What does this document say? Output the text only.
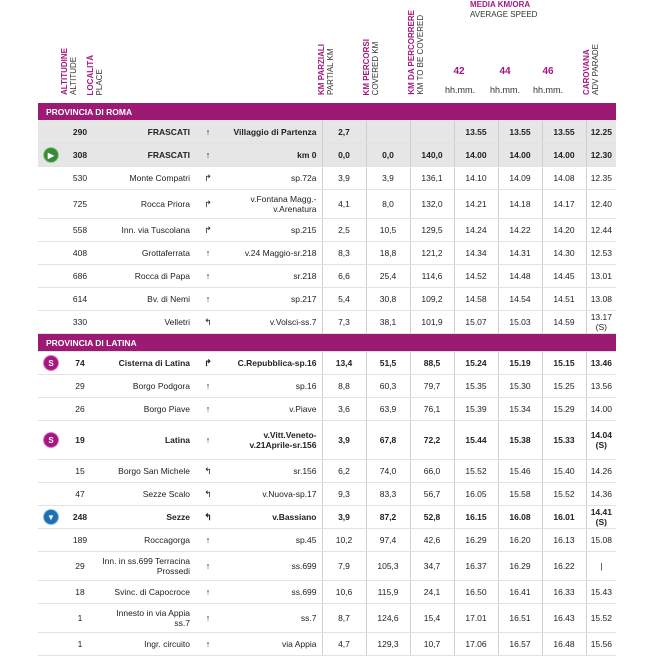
ALTITUDINE ALTITUDE LOCALITÀ PLACE	KM PARZIALI PARTIAL KM	KM PERCORSI COVERED KM	KM DA PERCORRERE KM TO BE COVERED
MEDIA KM/ORA
AVERAGE SPEED
42	44	46
hh.mm.	hh.mm.	hh.mm.	CAROVANA ADV PARADE
PROVINCIA DI ROMA											
	290	FRASCATI	↑	Villaggio di Partenza	2,7			13.55	13.55	13.55	12.25
▶	308	FRASCATI	↑	km 0	0,0	0,0	140,0	14.00	14.00	14.00	12.30
	530	Monte Compatri	↱	sp.72a	3,9	3,9	136,1	14.10	14.09	14.08	12.35
	725	Rocca Priora	↱	v.Fontana Magg.-v.Arenatura	4,1	8,0	132,0	14.21	14.18	14.17	12.40
	558	Inn. via Tuscolana	↱	sp.215	2,5	10,5	129,5	14.24	14.22	14.20	12.44
	408	Grottaferrata	↑	v.24 Maggio-sr.218	8,3	18,8	121,2	14.34	14.31	14.30	12.53
	686	Rocca di Papa	↑	sr.218	6,6	25,4	114,6	14.52	14.48	14.45	13.01
	614	Bv. di Nemi	↑	sp.217	5,4	30,8	109,2	14.58	14.54	14.51	13.08
	330	Velletri	↰	v.Volsci-ss.7	7,3	38,1	101,9	15.07	15.03	14.59	13.17 (S)
PROVINCIA DI LATINA											
S	74	Cisterna di Latina	↱	C.Repubblica-sp.16	13,4	51,5	88,5	15.24	15.19	15.15	13.46
	29	Borgo Podgora	↑	sp.16	8,8	60,3	79,7	15.35	15.30	15.25	13.56
	26	Borgo Piave	↑	v.Piave	3,6	63,9	76,1	15.39	15.34	15.29	14.00
S	19	Latina	↑	v.Vitt.Veneto-v.21Aprile-sr.156	3,9	67,8	72,2	15.44	15.38	15.33	14.04 (S)
	15	Borgo San Michele	↰	sr.156	6,2	74,0	66,0	15.52	15.46	15.40	14.26
	47	Sezze Scalo	↰	v.Nuova-sp.17	9,3	83,3	56,7	16.05	15.58	15.52	14.36
▼	248	Sezze	↰	v.Bassiano	3,9	87,2	52,8	16.15	16.08	16.01	14.41 (S)
	189	Roccagorga	↑	sp.45	10,2	97,4	42,6	16.29	16.20	16.13	15.08
	29	Inn. in ss.699 Terracina Prossedi	↑	ss.699	7,9	105,3	34,7	16.37	16.29	16.22	|
	18	Svinc. di Capocroce	↑	ss.699	10,6	115,9	24,1	16.50	16.41	16.33	15.43
	1	Innesto in via Appia ss.7	↑	ss.7	8,7	124,6	15,4	17.01	16.51	16.43	15.52
	1	Ingr. circuito	↑	via Appia	4,7	129,3	10,7	17.06	16.57	16.48	15.56
